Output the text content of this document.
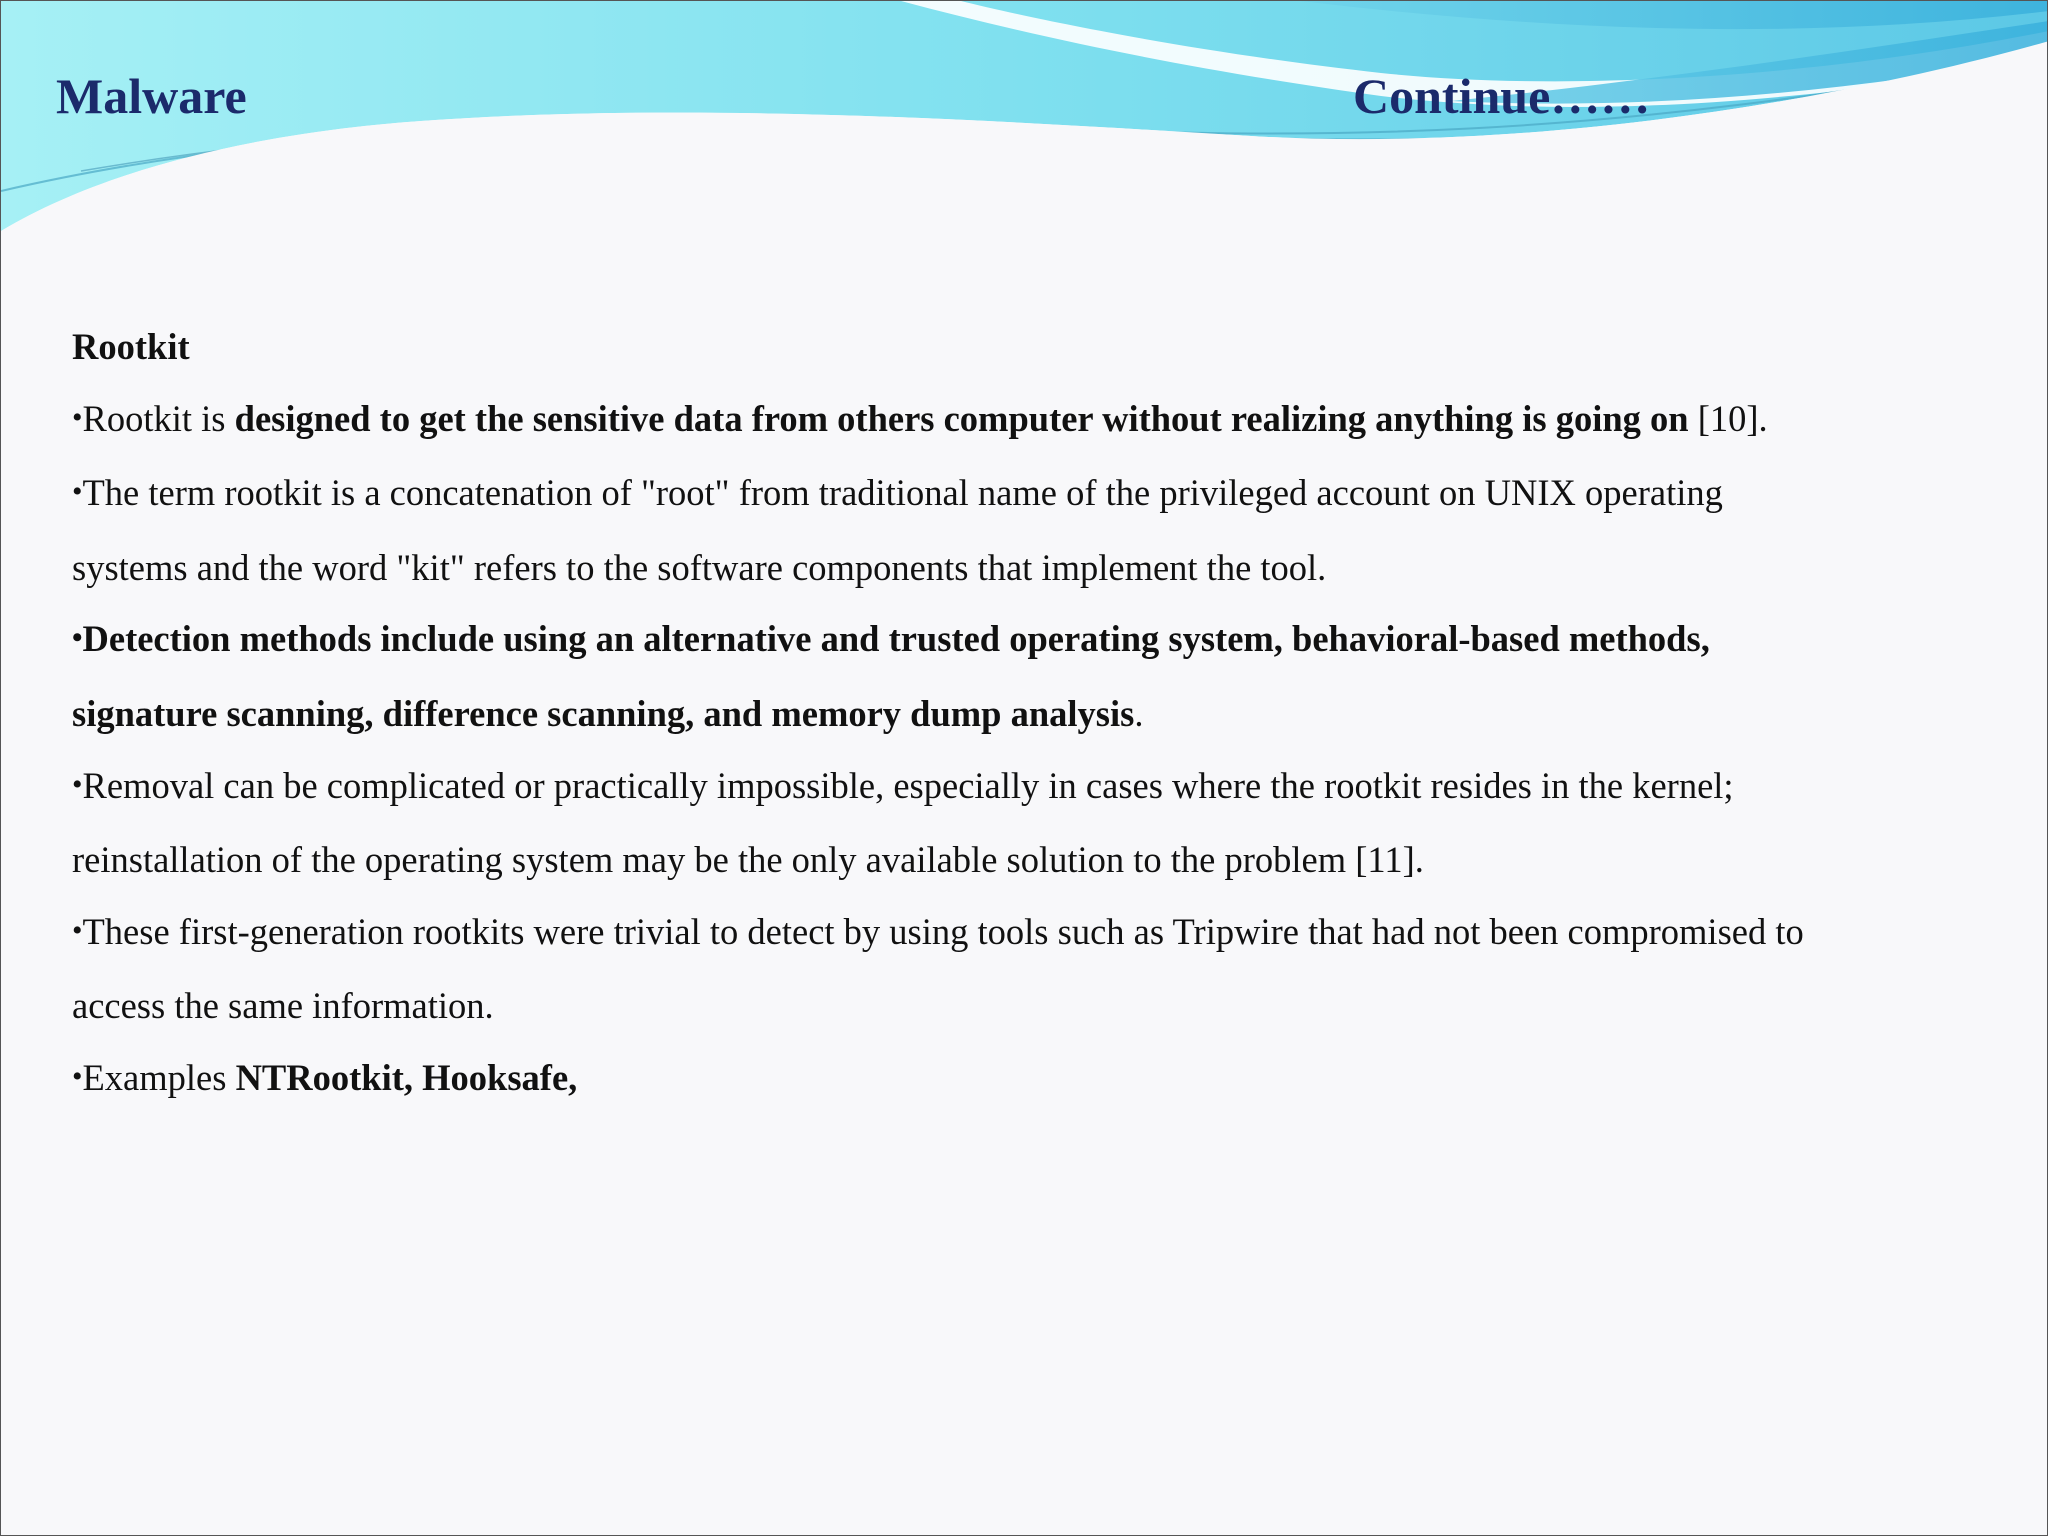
Malware	Continue……

Rootkit

•Rootkit is designed to get the sensitive data from others computer without realizing anything is going on [10].

•The term rootkit is a concatenation of "root" from traditional name of the privileged account on UNIX operating

systems and the word "kit" refers to the software components that implement the tool.

•Detection methods include using an alternative and trusted operating system, behavioral-based methods,

signature scanning, difference scanning, and memory dump analysis.

•Removal can be complicated or practically impossible, especially in cases where the rootkit resides in the kernel;

reinstallation of the operating system may be the only available solution to the problem [11].

•These first-generation rootkits were trivial to detect by using tools such as Tripwire that had not been compromised to

access the same information.

•Examples NTRootkit, Hooksafe,
